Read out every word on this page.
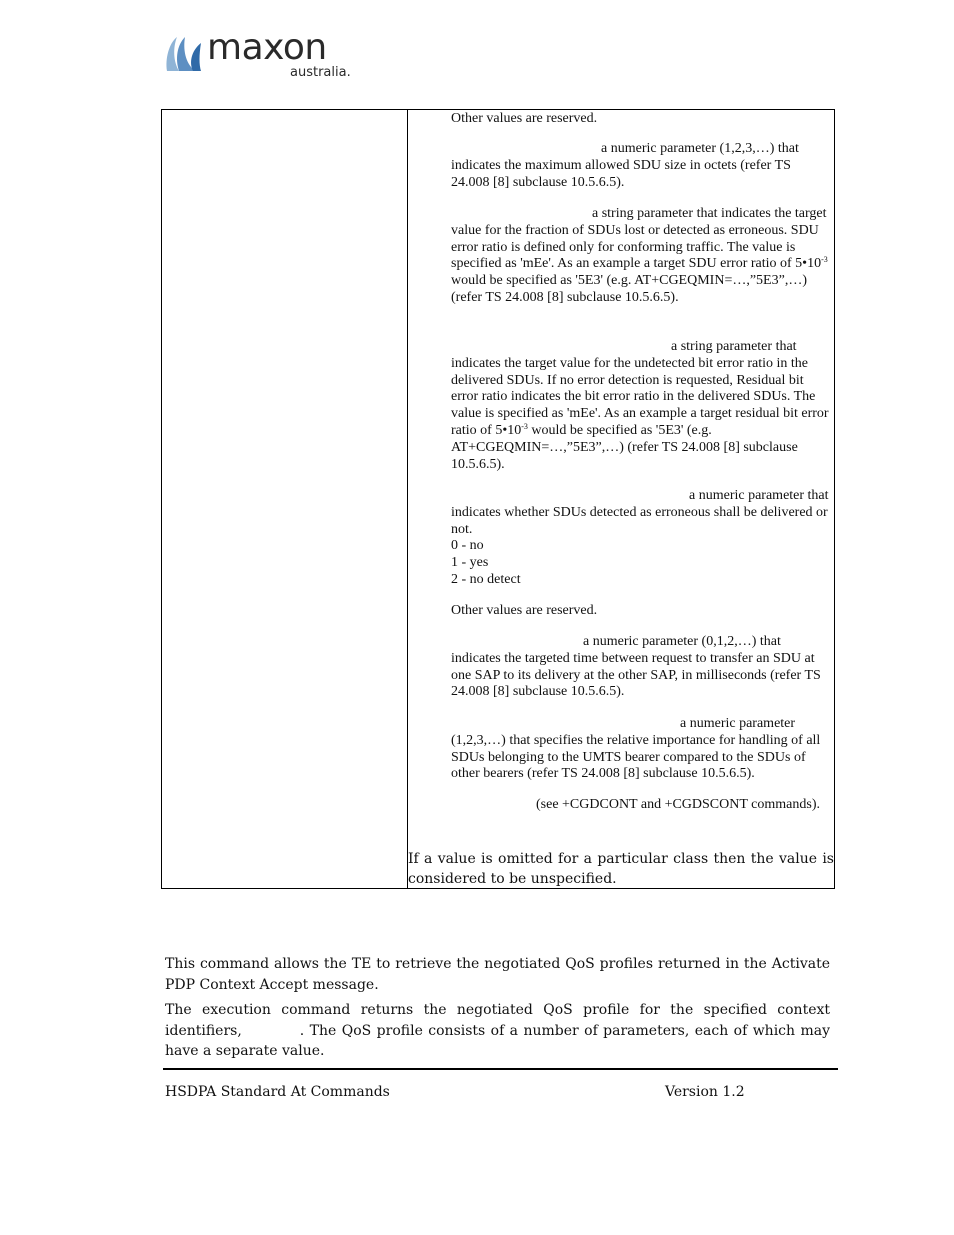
maxon
australia.

Other values are reserved.

a numeric parameter (1,2,3,…) that indicates the maximum allowed SDU size in octets (refer TS 24.008 [8] subclause 10.5.6.5).

a string parameter that indicates the target value for the fraction of SDUs lost or detected as erroneous. SDU error ratio is defined only for conforming traffic. The value is specified as 'mEe'. As an example a target SDU error ratio of $5•10^{-3}$ would be specified as '5E3' (e.g. AT+CGEQMIN=…,”5E3”,…) (refer TS 24.008 [8] subclause 10.5.6.5).

a string parameter that indicates the target value for the undetected bit error ratio in the delivered SDUs. If no error detection is requested, Residual bit error ratio indicates the bit error ratio in the delivered SDUs. The value is specified as 'mEe'. As an example a target residual bit error ratio of $5•10^{-3}$ would be specified as '5E3' (e.g. AT+CGEQMIN=…,”5E3”,…) (refer TS 24.008 [8] subclause 10.5.6.5).

a numeric parameter that indicates whether SDUs detected as erroneous shall be delivered or not.

0 - no

1 - yes

2 - no detect

Other values are reserved.

a numeric parameter (0,1,2,…) that indicates the targeted time between request to transfer an SDU at one SAP to its delivery at the other SAP, in milliseconds (refer TS 24.008 [8] subclause 10.5.6.5).

a numeric parameter (1,2,3,…) that specifies the relative importance for handling of all SDUs belonging to the UMTS bearer compared to the SDUs of other bearers (refer TS 24.008 [8] subclause 10.5.6.5).

(see +CGDCONT and +CGDSCONT commands).

If a value is omitted for a particular class then the value is considered to be unspecified.
This command allows the TE to retrieve the negotiated QoS profiles returned in the Activate PDP Context Accept message.
The execution command returns the negotiated QoS profile for the specified context identifiers,	. The QoS profile consists of a number of parameters, each of which may have a separate value.
HSDPA Standard At Commands	Version 1.2
